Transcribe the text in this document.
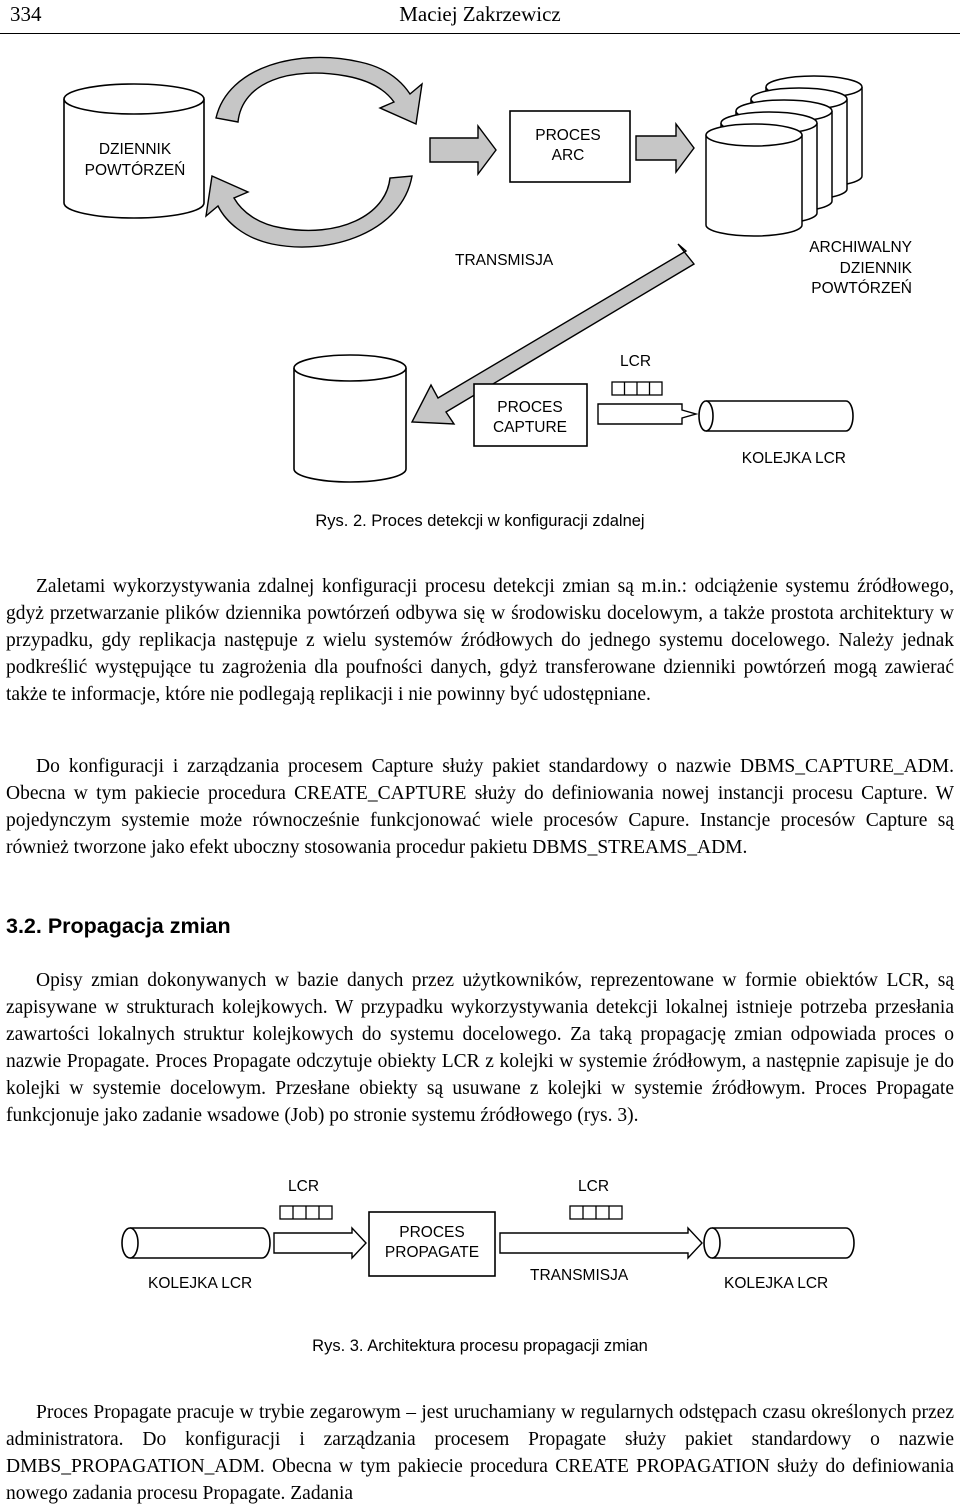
334	Maciej Zakrzewicz
DZIENNIK
POWTÓRZEŃ
PROCES
ARC
TRANSMISJA
ARCHIWALNY
DZIENNIK
POWTÓRZEŃ
PROCES
CAPTURE
LCR
KOLEJKA LCR
Rys. 2. Proces detekcji w konfiguracji zdalnej

Zaletami wykorzystywania zdalnej konfiguracji procesu detekcji zmian są m.in.: odciążenie systemu źródłowego, gdyż przetwarzanie plików dziennika powtórzeń odbywa się w środowisku docelowym, a także prostota architektury w przypadku, gdy replikacja następuje z wielu systemów źródłowych do jednego systemu docelowego. Należy jednak podkreślić występujące tu zagrożenia dla poufności danych, gdyż transferowane dzienniki powtórzeń mogą zawierać także te informacje, które nie podlegają replikacji i nie powinny być udostępniane.

Do konfiguracji i zarządzania procesem Capture służy pakiet standardowy o nazwie DBMS_CAPTURE_ADM. Obecna w tym pakiecie procedura CREATE_CAPTURE służy do definiowania nowej instancji procesu Capture. W pojedynczym systemie może równocześnie funkcjonować wiele procesów Capure. Instancje procesów Capture są również tworzone jako efekt uboczny stosowania procedur pakietu DBMS_STREAMS_ADM.

3.2. Propagacja zmian

Opisy zmian dokonywanych w bazie danych przez użytkowników, reprezentowane w formie obiektów LCR, są zapisywane w strukturach kolejkowych. W przypadku wykorzystywania detekcji lokalnej istnieje potrzeba przesłania zawartości lokalnych struktur kolejkowych do systemu docelowego. Za taką propagację zmian odpowiada proces o nazwie Propagate. Proces Propagate odczytuje obiekty LCR z kolejki w systemie źródłowym, a następnie zapisuje je do kolejki w systemie docelowym. Przesłane obiekty są usuwane z kolejki w systemie źródłowym. Proces Propagate funkcjonuje jako zadanie wsadowe (Job) po stronie systemu źródłowego (rys. 3).

LCR	LCR
PROCES
PROPAGATE
KOLEJKA LCR	TRANSMISJA	KOLEJKA LCR
Rys. 3. Architektura procesu propagacji zmian

Proces Propagate pracuje w trybie zegarowym – jest uruchamiany w regularnych odstępach czasu określonych przez administratora. Do konfiguracji i zarządzania procesem Propagate służy pakiet standardowy o nazwie DMBS_PROPAGATION_ADM. Obecna w tym pakiecie procedura CREATE PROPAGATION służy do definiowania nowego zadania procesu Propagate. Zadania
